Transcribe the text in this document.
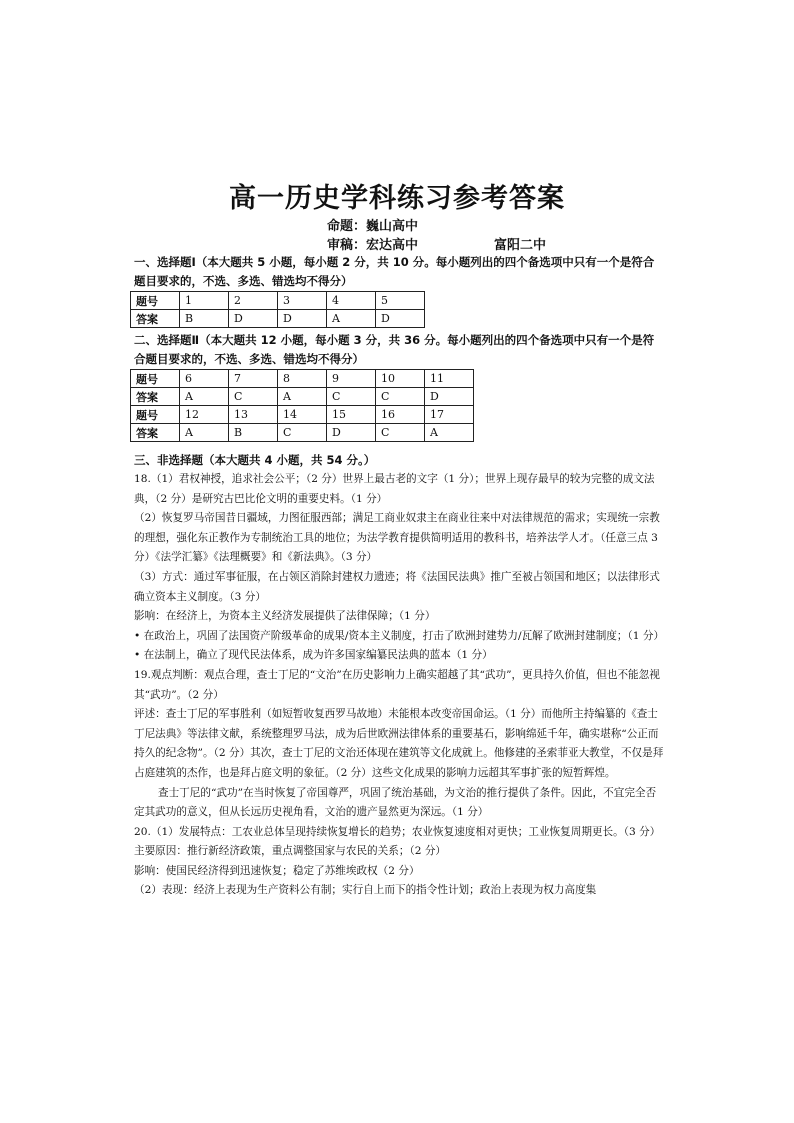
高一历史学科练习参考答案
命题：巍山高中
审稿：宏达高中	富阳二中
一、选择题Ⅰ（本大题共 5 小题，每小题 2 分，共 10 分。每小题列出的四个备选项中只有一个是符合题目要求的，不选、多选、错选均不得分）
题号	1	2	3	4	5
答案	B	D	D	A	D
二、选择题Ⅱ（本大题共 12 小题，每小题 3 分，共 36 分。每小题列出的四个备选项中只有一个是符合题目要求的，不选、多选、错选均不得分）
题号	6	7	8	9	10	11
答案	A	C	A	C	C	D
题号	12	13	14	15	16	17
答案	A	B	C	D	C	A
三、非选择题（本大题共 4 小题，共 54 分。）

18.（1）君权神授，追求社会公平；（2 分）世界上最古老的文字（1 分）；世界上现存最早的较为完整的成文法典，（2 分）是研究古巴比伦文明的重要史料。（1 分）

（2）恢复罗马帝国昔日疆域，力图征服西部；满足工商业奴隶主在商业往来中对法律规范的需求；实现统一宗教的理想，强化东正教作为专制统治工具的地位；为法学教育提供简明适用的教科书，培养法学人才。（任意三点 3 分）《法学汇纂》《法理概要》和《新法典》。（3 分）

（3）方式：通过军事征服，在占领区消除封建权力遗迹；将《法国民法典》推广至被占领国和地区；以法律形式确立资本主义制度。（3 分）

影响：在经济上，为资本主义经济发展提供了法律保障；（1 分）

• 在政治上，巩固了法国资产阶级革命的成果/资本主义制度，打击了欧洲封建势力/瓦解了欧洲封建制度；（1 分）

• 在法制上，确立了现代民法体系，成为许多国家编纂民法典的蓝本（1 分）

19.观点判断：观点合理，查士丁尼的“文治”在历史影响力上确实超越了其“武功”，更具持久价值，但也不能忽视其“武功”。（2 分）

评述：查士丁尼的军事胜利（如短暂收复西罗马故地）未能根本改变帝国命运。（1 分）而他所主持编纂的《查士丁尼法典》等法律文献，系统整理罗马法，成为后世欧洲法律体系的重要基石，影响绵延千年，确实堪称“公正而持久的纪念物”。（2 分）其次，查士丁尼的文治还体现在建筑等文化成就上。他修建的圣索菲亚大教堂，不仅是拜占庭建筑的杰作，也是拜占庭文明的象征。（2 分）这些文化成果的影响力远超其军事扩张的短暂辉煌。

查士丁尼的“武功”在当时恢复了帝国尊严，巩固了统治基础，为文治的推行提供了条件。因此，不宜完全否定其武功的意义，但从长远历史视角看，文治的遗产显然更为深远。（1 分）

20.（1）发展特点：工农业总体呈现持续恢复增长的趋势；农业恢复速度相对更快；工业恢复周期更长。（3 分）

主要原因：推行新经济政策，重点调整国家与农民的关系；（2 分）

影响：使国民经济得到迅速恢复；稳定了苏维埃政权（2 分）

（2）表现：经济上表现为生产资料公有制；实行自上而下的指令性计划；政治上表现为权力高度集
